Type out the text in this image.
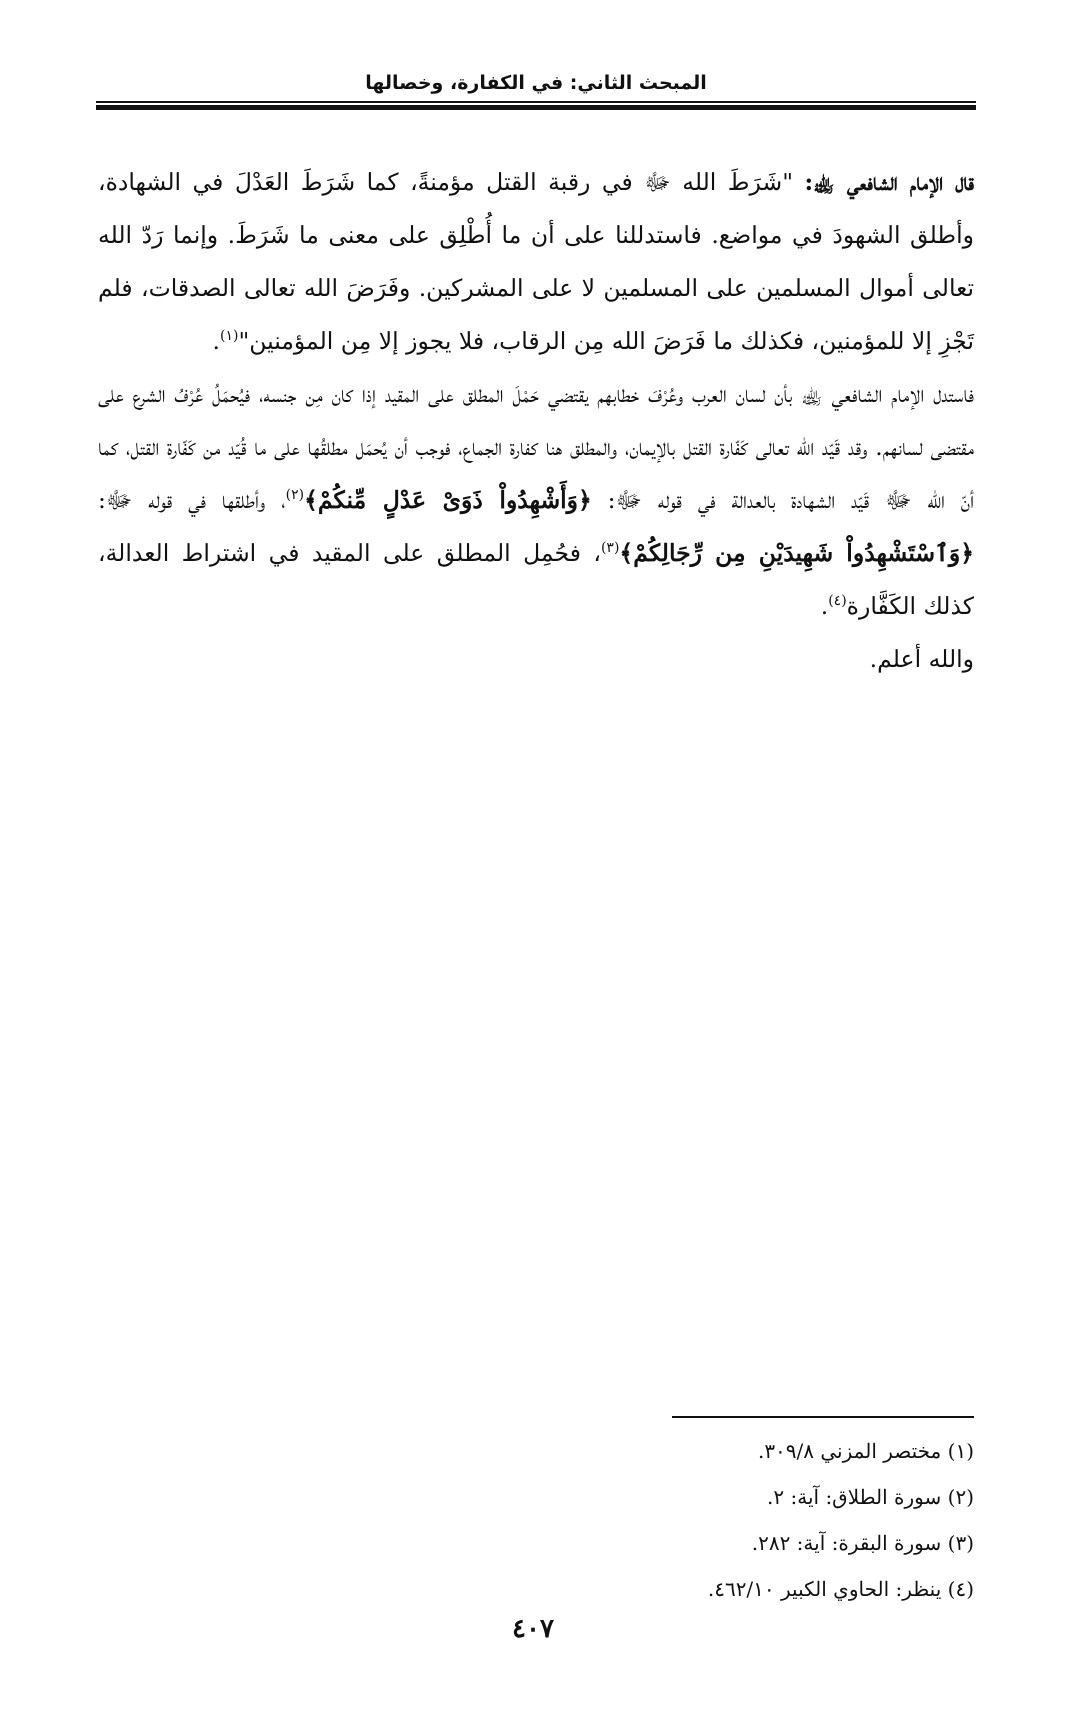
المبحث الثاني: في الكفارة، وخصالها

قال الإمام الشافعي ﵀: "شَرَطَ الله ﷻ في رقبة القتل مؤمنةً، كما شَرَطَ العَدْلَ في الشهادة، وأطلق الشهودَ في مواضع. فاستدللنا على أن ما أُطْلِق على معنى ما شَرَطَ. وإنما رَدّ الله تعالى أموال المسلمين على المسلمين لا على المشركين. وفَرَضَ الله تعالى الصدقات، فلم تَجْزِ إلا للمؤمنين، فكذلك ما فَرَضَ الله مِن الرقاب، فلا يجوز إلا مِن المؤمنين"$^{(١)}$.

فاستدل الإمام الشافعي ﵀ بأن لسان العرب وعُرْفَ خطابهم يقتضي حَمْلَ المطلق على المقيد إذا كان مِن جنسه، فيُحمَلُ عُرْفُ الشرع على مقتضى لسانهم. وقد قَيّد الله تعالى كَفّارة القتل بالإيمان، والمطلق هنا كفارة الجماع، فوجب أن يُحمَل مطلقُها على ما قُيّد من كَفّارة القتل، كما أنّ الله ﷻ قَيّد الشهادة بالعدالة في قوله ﷻ: ﴿وَأَشْهِدُواْ ذَوَىْ عَدْلٍ مِّنكُمْ﴾$^{(٢)}$، وأطلقها في قوله ﷻ: ﴿وَٱسْتَشْهِدُواْ شَهِيدَيْنِ مِن رِّجَالِكُمْ﴾$^{(٣)}$، فحُمِل المطلق على المقيد في اشتراط العدالة، كذلك الكَفَّارة$^{(٤)}$.

والله أعلم.

(١) مختصر المزني ٣٠٩/٨.
(٢) سورة الطلاق: آية: ٢.
(٣) سورة البقرة: آية: ٢٨٢.
(٤) ينظر: الحاوي الكبير ٤٦٢/١٠.
٤٠٧
